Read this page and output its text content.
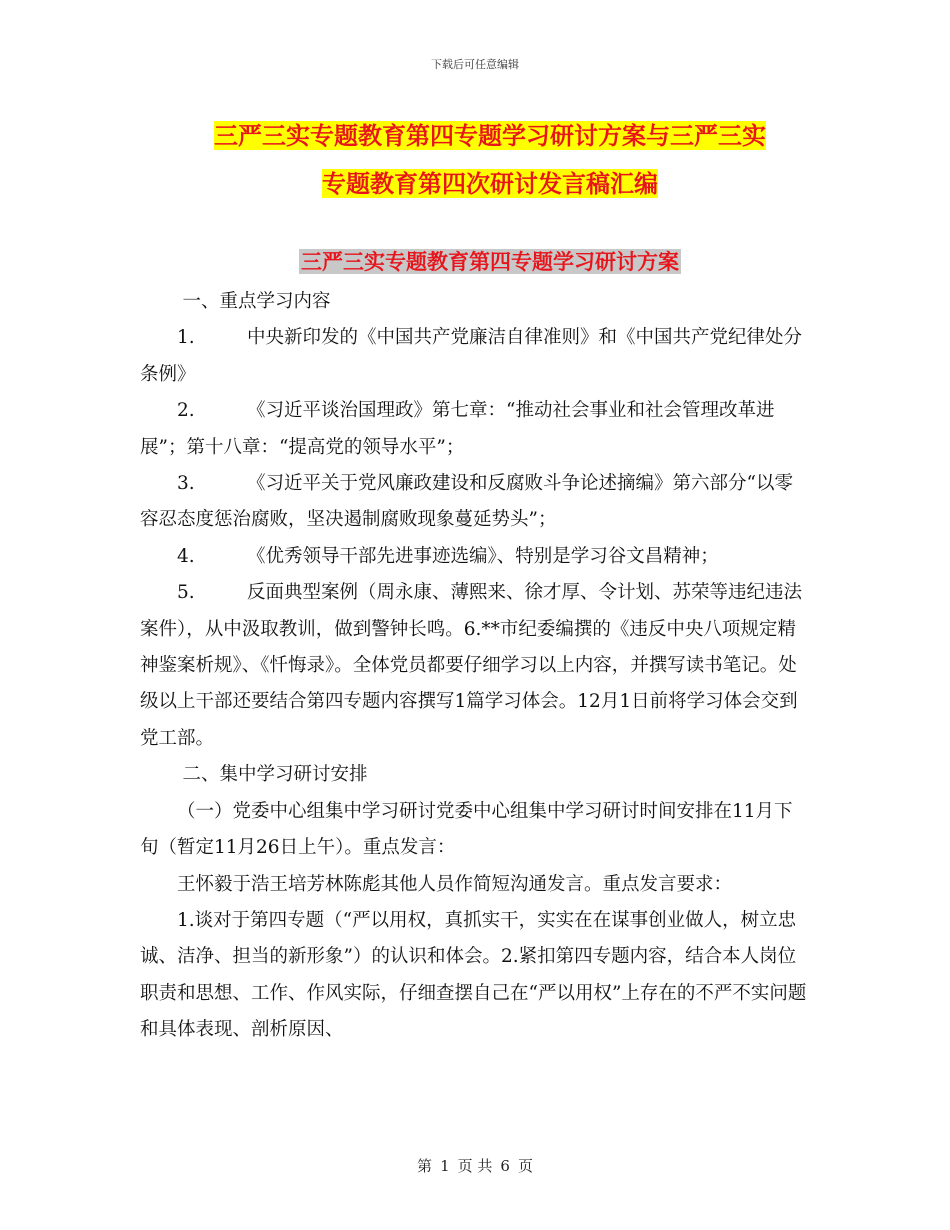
下载后可任意编辑
三严三实专题教育第四专题学习研讨方案与三严三实
专题教育第四次研讨发言稿汇编
三严三实专题教育第四专题学习研讨方案

一、重点学习内容

1.	中央新印发的《中国共产党廉洁自律准则》和《中国共产党纪律处分条例》

2.	《习近平谈治国理政》第七章：“推动社会事业和社会管理改革进展”；第十八章：“提高党的领导水平”；

3.	《习近平关于党风廉政建设和反腐败斗争论述摘编》第六部分“以零容忍态度惩治腐败，坚决遏制腐败现象蔓延势头”；

4.	《优秀领导干部先进事迹选编》、特别是学习谷文昌精神；

5.	反面典型案例（周永康、薄熙来、徐才厚、令计划、苏荣等违纪违法案件），从中汲取教训，做到警钟长鸣。6.**市纪委编撰的《违反中央八项规定精神鉴案析规》、《忏悔录》。全体党员都要仔细学习以上内容，并撰写读书笔记。处级以上干部还要结合第四专题内容撰写1篇学习体会。12月1日前将学习体会交到党工部。

二、集中学习研讨安排

（一）党委中心组集中学习研讨党委中心组集中学习研讨时间安排在11月下旬（暂定11月26日上午）。重点发言：

王怀毅于浩王培芳林陈彪其他人员作简短沟通发言。重点发言要求：

1.谈对于第四专题（“严以用权，真抓实干，实实在在谋事创业做人，树立忠诚、洁净、担当的新形象”）的认识和体会。2.紧扣第四专题内容，结合本人岗位职责和思想、工作、作风实际，仔细查摆自己在“严以用权”上存在的不严不实问题和具体表现、剖析原因、

第 1 页 共 6 页
